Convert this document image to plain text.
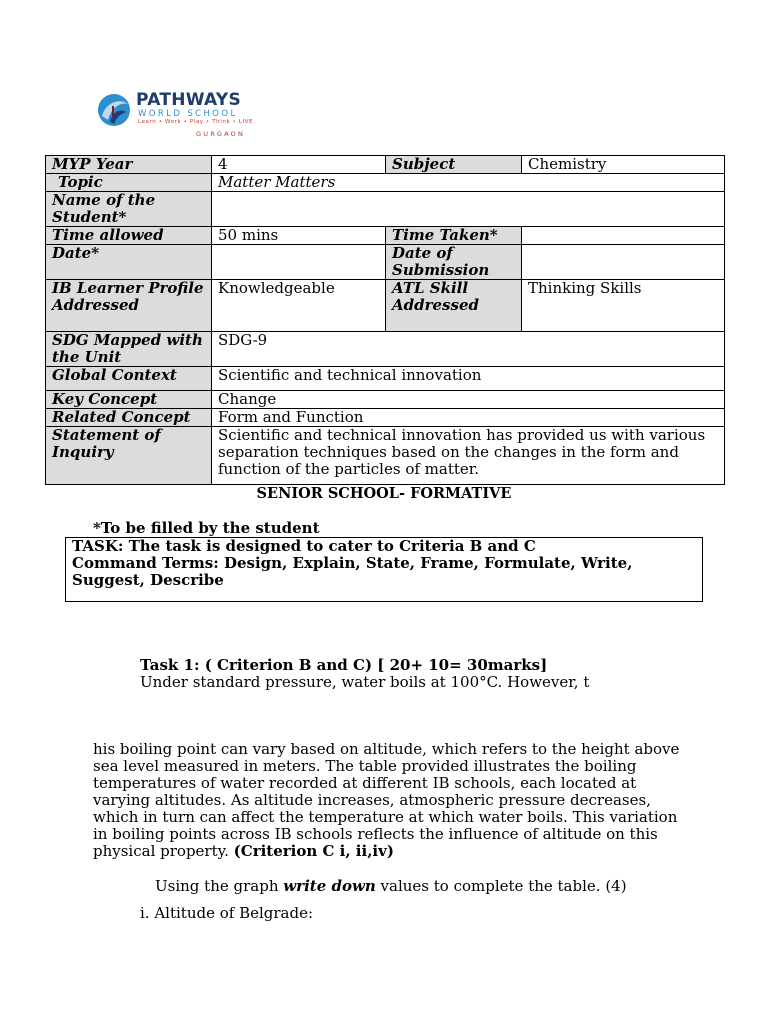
PATHWAYS
WORLD SCHOOL
Learn • Work • Play • Think • LIVE
GURGAON
MYP Year	4	Subject	Chemistry
Topic	Matter Matters		
Name of the Student*			
Time allowed	50 mins	Time Taken*	
Date*		Date of Submission	
IB Learner Profile Addressed	Knowledgeable	ATL Skill Addressed	Thinking Skills
SDG Mapped with the Unit	SDG-9		
Global Context	Scientific and technical innovation		
Key Concept	Change		
Related Concept	Form and Function		
Statement of Inquiry	Scientific and technical innovation has provided us with various separation techniques based on the changes in the form and function of the particles of matter.		
SENIOR SCHOOL- FORMATIVE
*To be filled by the student
TASK: The task is designed to cater to Criteria B and C
Command Terms: Design, Explain, State, Frame, Formulate, Write, Suggest, Describe
Task 1: ( Criterion B and C) [ 20+ 10= 30marks]
Under standard pressure, water boils at 100°C. However, t
his boiling point can vary based on altitude, which refers to the height above sea level measured in meters. The table provided illustrates the boiling temperatures of water recorded at different IB schools, each located at varying altitudes. As altitude increases, atmospheric pressure decreases, which in turn can affect the temperature at which water boils. This variation in boiling points across IB schools reflects the influence of altitude on this physical property. (Criterion C i, ii,iv)
Using the graph write down values to complete the table. (4)
i. Altitude of Belgrade:
